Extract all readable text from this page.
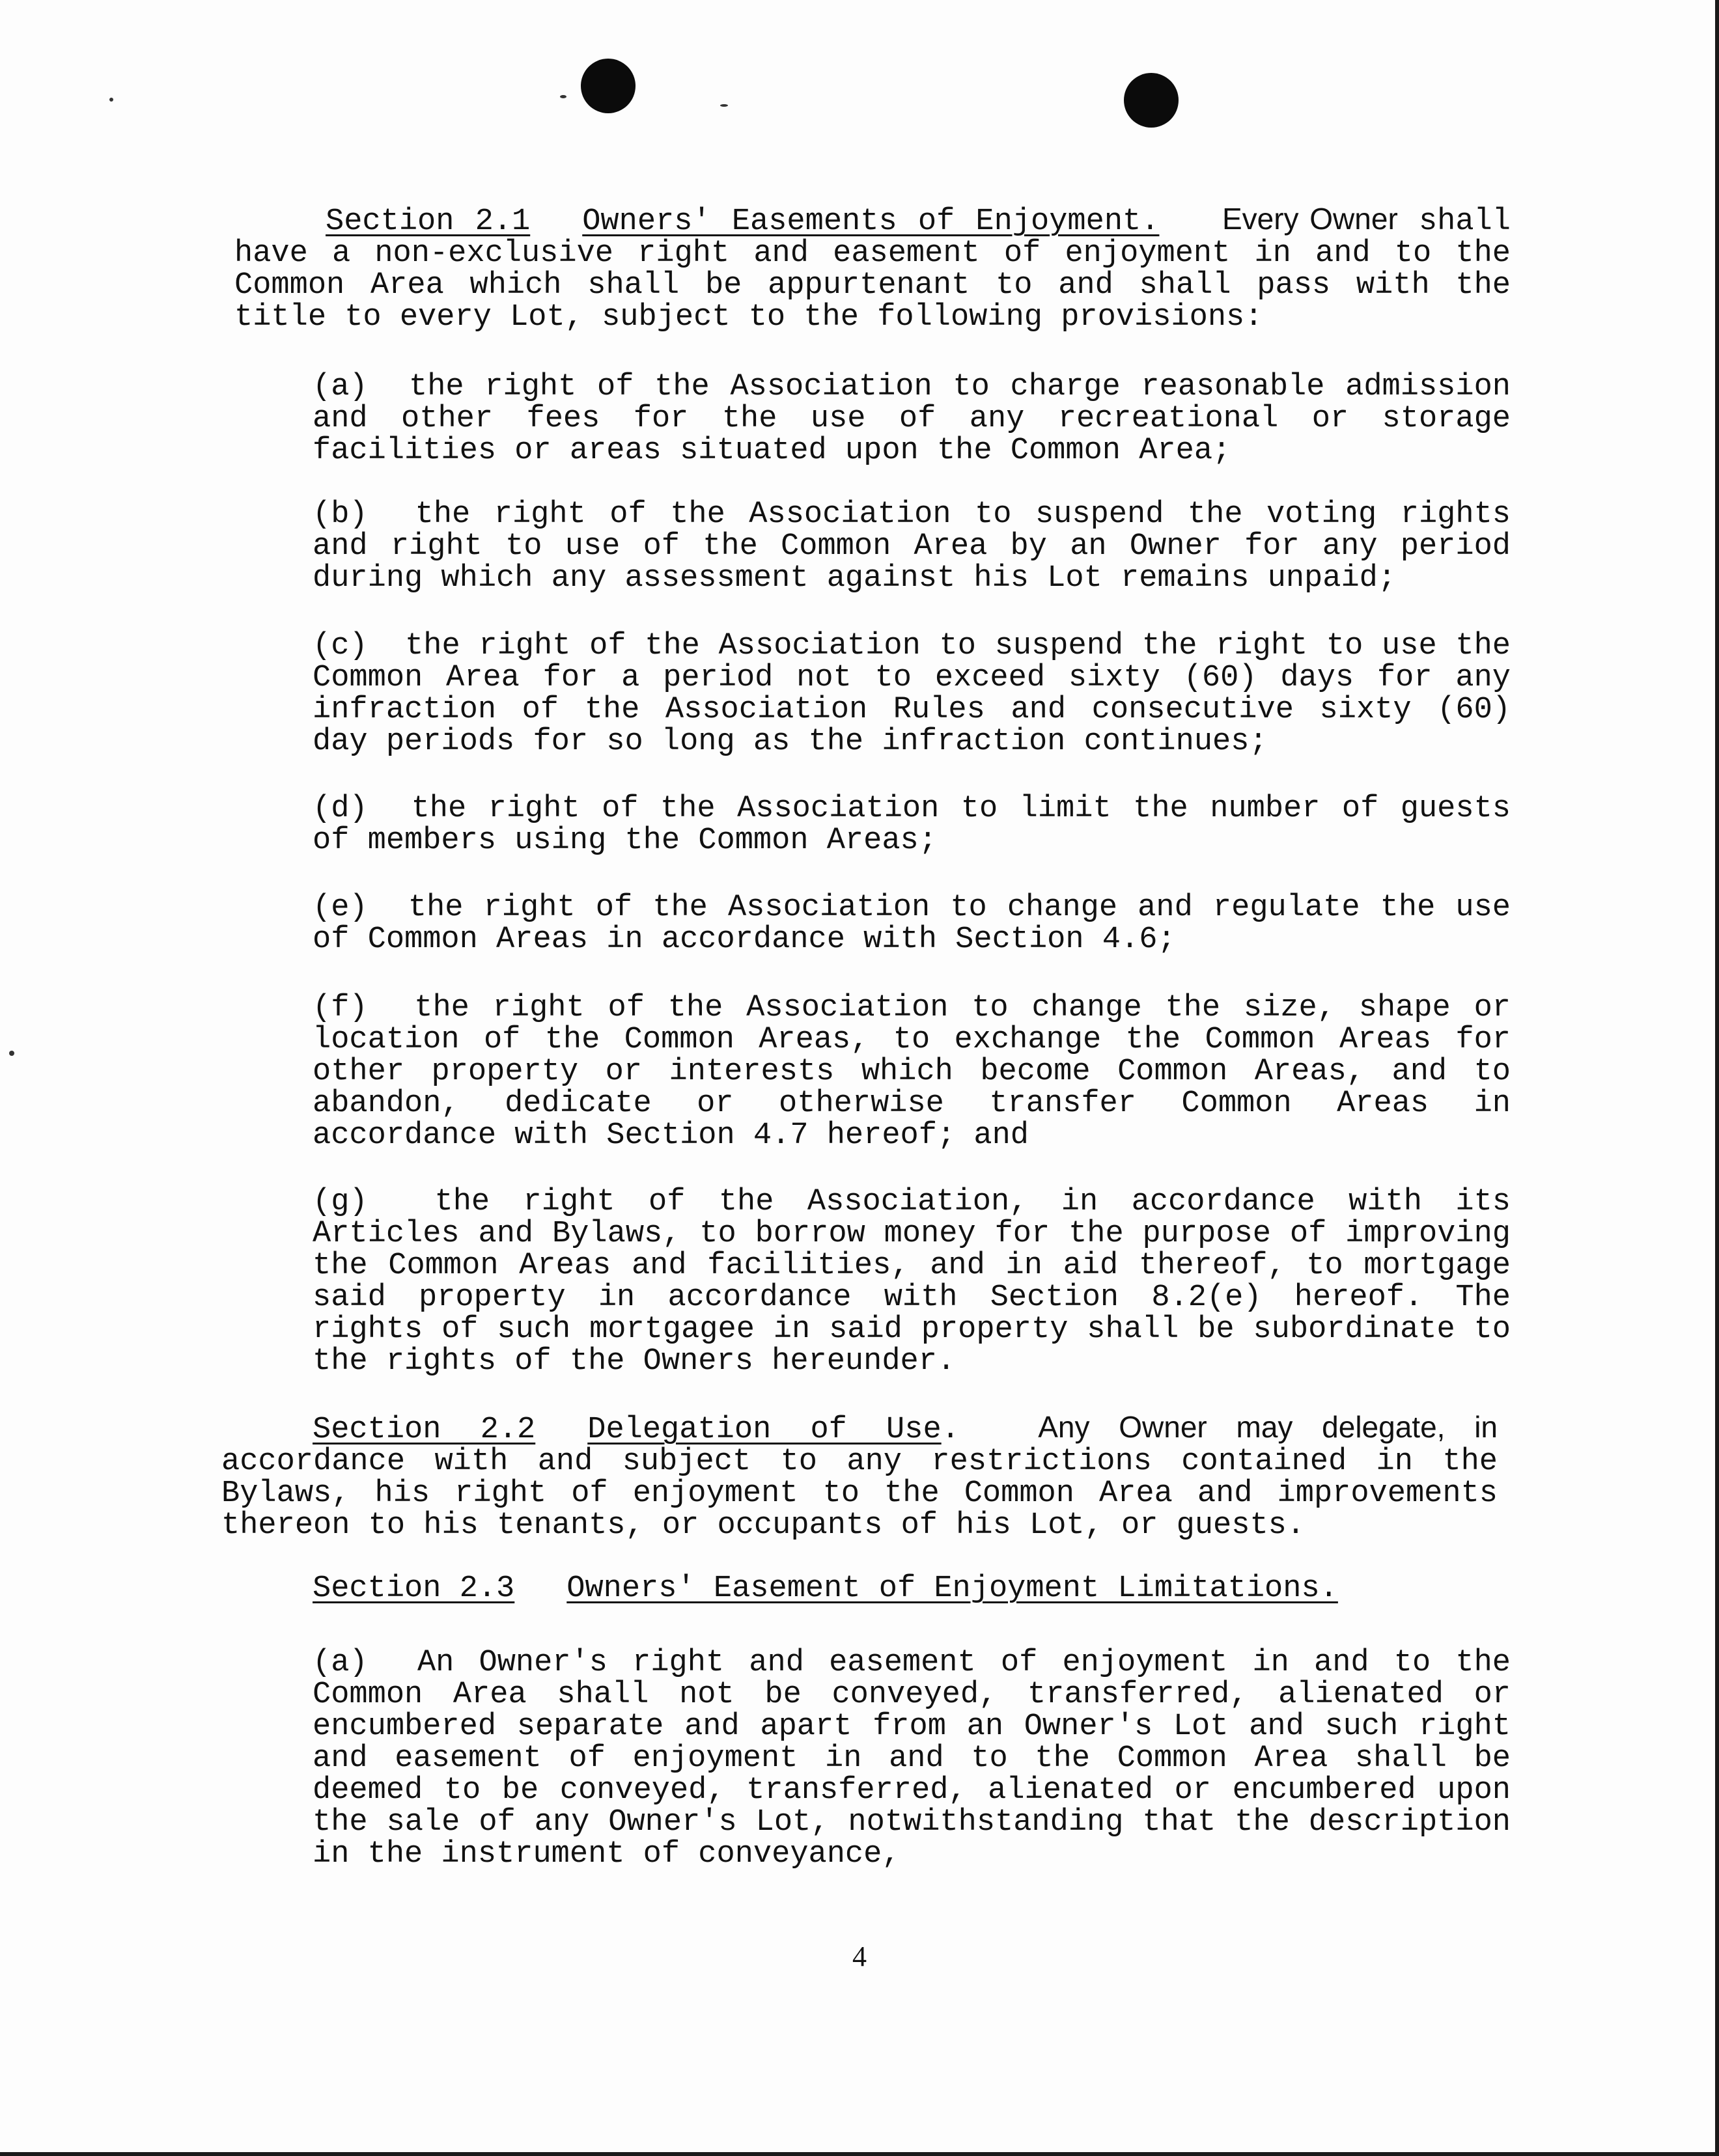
Section 2.1 Owners' Easements of Enjoyment. Every Owner shall have a non-exclusive right and easement of enjoyment in and to the Common Area which shall be appurtenant to and shall pass with the title to every Lot, subject to the following provisions:

(a) the right of the Association to charge reasonable admission and other fees for the use of any recreational or storage facilities or areas situated upon the Common Area;

(b) the right of the Association to suspend the voting rights and right to use of the Common Area by an Owner for any period during which any assessment against his Lot remains unpaid;

(c) the right of the Association to suspend the right to use the Common Area for a period not to exceed sixty (60) days for any infraction of the Association Rules and consecutive sixty (60) day periods for so long as the infraction continues;

(d) the right of the Association to limit the number of guests of members using the Common Areas;

(e) the right of the Association to change and regulate the use of Common Areas in accordance with Section 4.6;

(f) the right of the Association to change the size, shape or location of the Common Areas, to exchange the Common Areas for other property or interests which become Common Areas, and to abandon, dedicate or otherwise transfer Common Areas in accordance with Section 4.7 hereof; and

(g) the right of the Association, in accordance with its Articles and Bylaws, to borrow money for the purpose of improving the Common Areas and facilities, and in aid thereof, to mortgage said property in accordance with Section 8.2(e) hereof. The rights of such mortgagee in said property shall be subordinate to the rights of the Owners hereunder.

Section 2.2 Delegation of Use.	Any Owner may delegate, in accordance with and subject to any restrictions contained in the Bylaws, his right of enjoyment to the Common Area and improvements thereon to his tenants, or occupants of his Lot, or guests.

Section 2.3 Owners' Easement of Enjoyment Limitations.

(a) An Owner's right and easement of enjoyment in and to the Common Area shall not be conveyed, transferred, alienated or encumbered separate and apart from an Owner's Lot and such right and easement of enjoyment in and to the Common Area shall be deemed to be conveyed, transferred, alienated or encumbered upon the sale of any Owner's Lot, notwithstanding that the description in the instrument of conveyance,

4
